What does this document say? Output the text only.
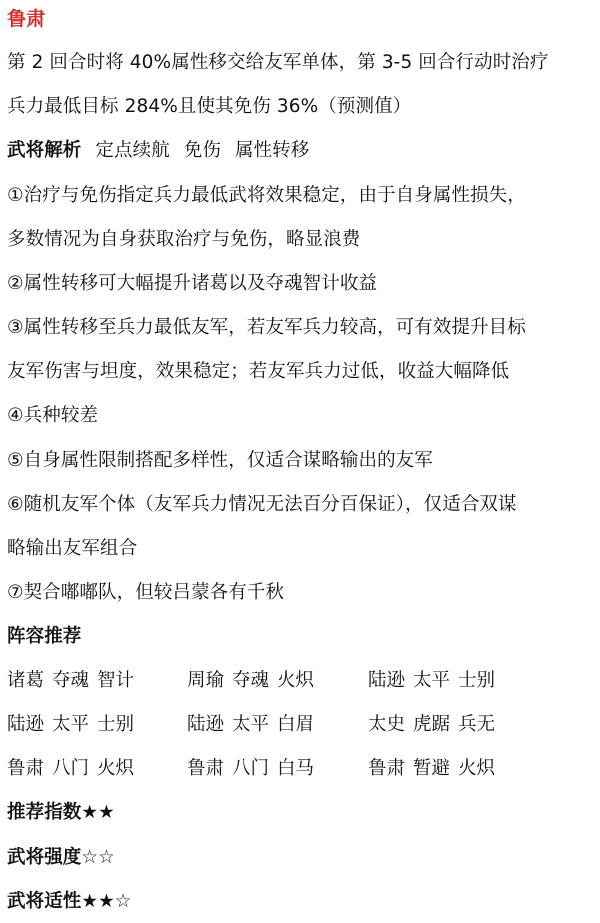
鲁肃
第 2 回合时将 40%属性移交给友军单体，第 3-5 回合行动时治疗
兵力最低目标 284%且使其免伤 36%（预测值）
武将解析 定点续航 免伤 属性转移
①治疗与免伤指定兵力最低武将效果稳定，由于自身属性损失，
多数情况为自身获取治疗与免伤，略显浪费
②属性转移可大幅提升诸葛以及夺魂智计收益
③属性转移至兵力最低友军，若友军兵力较高，可有效提升目标
友军伤害与坦度，效果稳定；若友军兵力过低，收益大幅降低
④兵种较差
⑤自身属性限制搭配多样性，仅适合谋略输出的友军
⑥随机友军个体（友军兵力情况无法百分百保证），仅适合双谋
略输出友军组合
⑦契合嘟嘟队，但较吕蒙各有千秋
阵容推荐
诸葛 夺魂 智计	周瑜 夺魂 火炽	陆逊 太平 士别
陆逊 太平 士别	陆逊 太平 白眉	太史 虎踞 兵无
鲁肃 八门 火炽	鲁肃 八门 白马	鲁肃 暂避 火炽
推荐指数★★
武将强度☆☆
武将适性★★☆
